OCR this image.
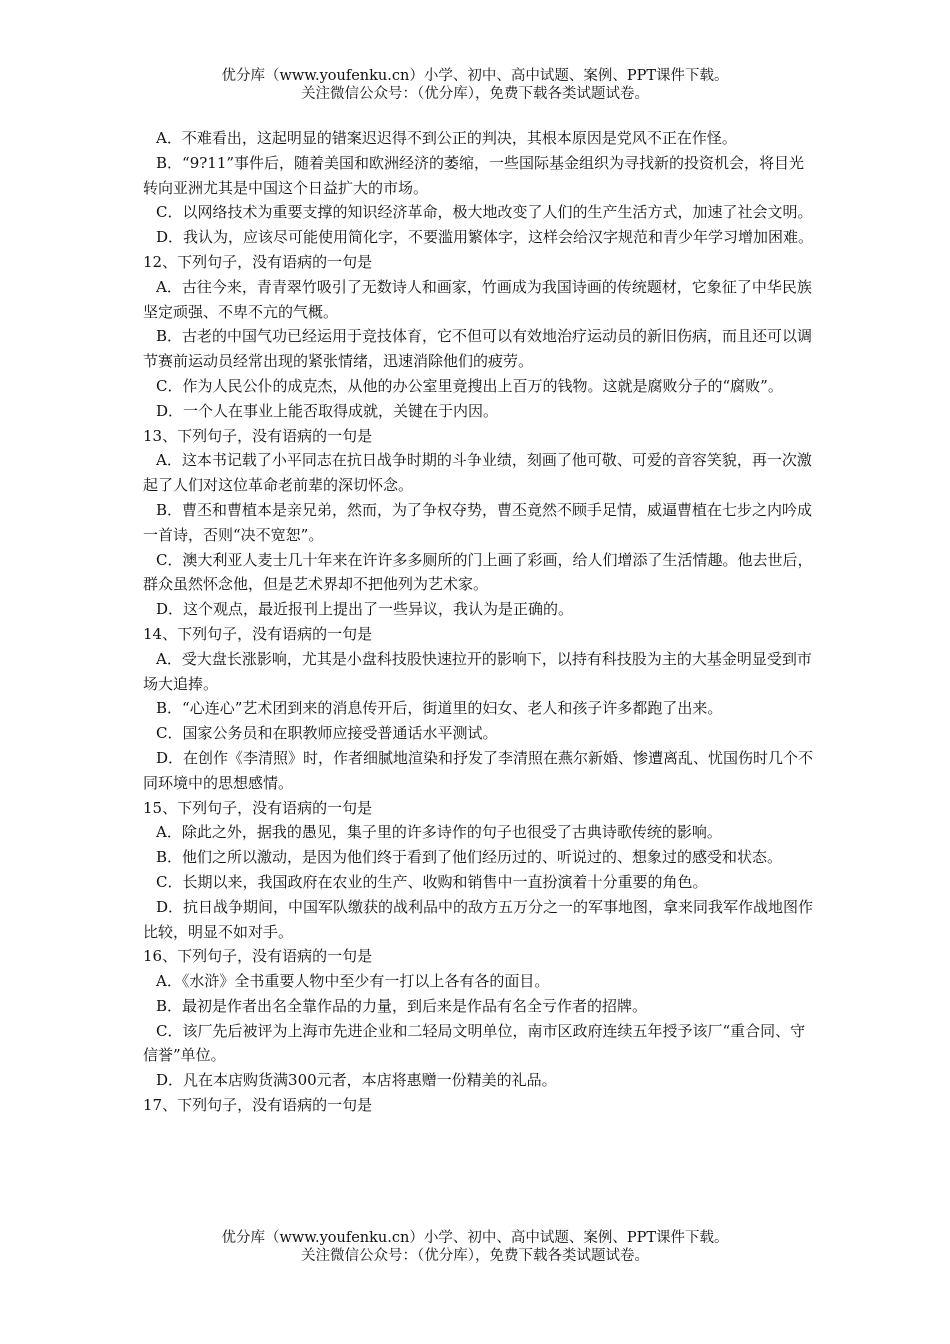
优分库（www.youfenku.cn）小学、初中、高中试题、案例、PPT课件下载。
关注微信公众号：（优分库），免费下载各类试题试卷。

A．不难看出，这起明显的错案迟迟得不到公正的判决，其根本原因是党风不正在作怪。

B．“9?11”事件后，随着美国和欧洲经济的萎缩，一些国际基金组织为寻找新的投资机会，将目光转向亚洲尤其是中国这个日益扩大的市场。

C．以网络技术为重要支撑的知识经济革命，极大地改变了人们的生产生活方式，加速了社会文明。

D．我认为，应该尽可能使用简化字，不要滥用繁体字，这样会给汉字规范和青少年学习增加困难。

12、下列句子，没有语病的一句是

A．古往今来，青青翠竹吸引了无数诗人和画家，竹画成为我国诗画的传统题材，它象征了中华民族坚定顽强、不卑不亢的气概。

B．古老的中国气功已经运用于竞技体育，它不但可以有效地治疗运动员的新旧伤病，而且还可以调节赛前运动员经常出现的紧张情绪，迅速消除他们的疲劳。

C．作为人民公仆的成克杰，从他的办公室里竟搜出上百万的钱物。这就是腐败分子的“腐败”。

D．一个人在事业上能否取得成就，关键在于内因。

13、下列句子，没有语病的一句是

A．这本书记载了小平同志在抗日战争时期的斗争业绩，刻画了他可敬、可爱的音容笑貌，再一次激起了人们对这位革命老前辈的深切怀念。

B．曹丕和曹植本是亲兄弟，然而，为了争权夺势，曹丕竟然不顾手足情，威逼曹植在七步之内吟成一首诗，否则“决不宽恕”。

C．澳大利亚人麦士几十年来在许许多多厕所的门上画了彩画，给人们增添了生活情趣。他去世后，群众虽然怀念他，但是艺术界却不把他列为艺术家。

D．这个观点，最近报刊上提出了一些异议，我认为是正确的。

14、下列句子，没有语病的一句是

A．受大盘长涨影响，尤其是小盘科技股快速拉开的影响下，以持有科技股为主的大基金明显受到市场大追捧。

B．“心连心”艺术团到来的消息传开后，街道里的妇女、老人和孩子许多都跑了出来。

C．国家公务员和在职教师应接受普通话水平测试。

D．在创作《李清照》时，作者细腻地渲染和抒发了李清照在燕尔新婚、惨遭离乱、忧国伤时几个不同环境中的思想感情。

15、下列句子，没有语病的一句是

A．除此之外，据我的愚见，集子里的许多诗作的句子也很受了古典诗歌传统的影响。

B．他们之所以激动，是因为他们终于看到了他们经历过的、听说过的、想象过的感受和状态。

C．长期以来，我国政府在农业的生产、收购和销售中一直扮演着十分重要的角色。

D．抗日战争期间，中国军队缴获的战利品中的敌方五万分之一的军事地图，拿来同我军作战地图作比较，明显不如对手。

16、下列句子，没有语病的一句是

A．《水浒》全书重要人物中至少有一打以上各有各的面目。

B．最初是作者出名全靠作品的力量，到后来是作品有名全亏作者的招牌。

C．该厂先后被评为上海市先进企业和二轻局文明单位，南市区政府连续五年授予该厂“重合同、守信誉”单位。

D．凡在本店购货满300元者，本店将惠赠一份精美的礼品。

17、下列句子，没有语病的一句是

优分库（www.youfenku.cn）小学、初中、高中试题、案例、PPT课件下载。
关注微信公众号：（优分库），免费下载各类试题试卷。
